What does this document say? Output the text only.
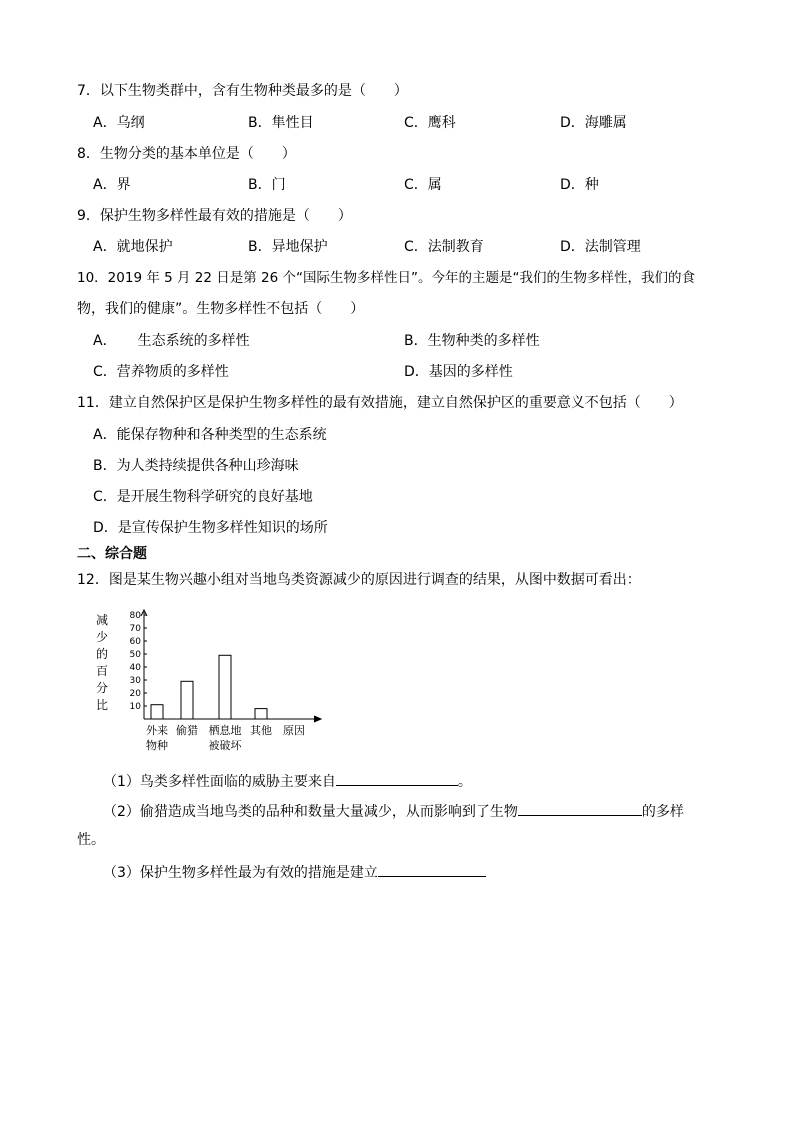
7．以下生物类群中，含有生物种类最多的是（　　）
A．乌纲	B．隼性目	C．鹰科	D．海雕属
8．生物分类的基本单位是（　　）
A．界	B．门	C．属	D．种
9．保护生物多样性最有效的措施是（　　）
A．就地保护	B．异地保护	C．法制教育	D．法制管理
10．2019 年 5 月 22 日是第 26 个“国际生物多样性日”。今年的主题是“我们的生物多样性，我们的食
物，我们的健康”。生物多样性不包括（　　）
A．　　生态系统的多样性	B．生物种类的多样性
C．营养物质的多样性	D．基因的多样性
11．建立自然保护区是保护生物多样性的最有效措施，建立自然保护区的重要意义不包括（　　）
A．能保存物种和各种类型的生态系统
B．为人类持续提供各种山珍海味
C．是开展生物科学研究的良好基地
D．是宣传保护生物多样性知识的场所
二、综合题
12．图是某生物兴趣小组对当地鸟类资源减少的原因进行调查的结果，从图中数据可看出：
减
少
的
百
分
比
80
70
60
50
40
30
20
10
外来
物种
偷猎 栖息地
被破坏
其他 原因
（1）鸟类多样性面临的威胁主要来自	。
（2）偷猎造成当地鸟类的品种和数量大量减少，从而影响到了生物	的多样
性。
（3）保护生物多样性最为有效的措施是建立
